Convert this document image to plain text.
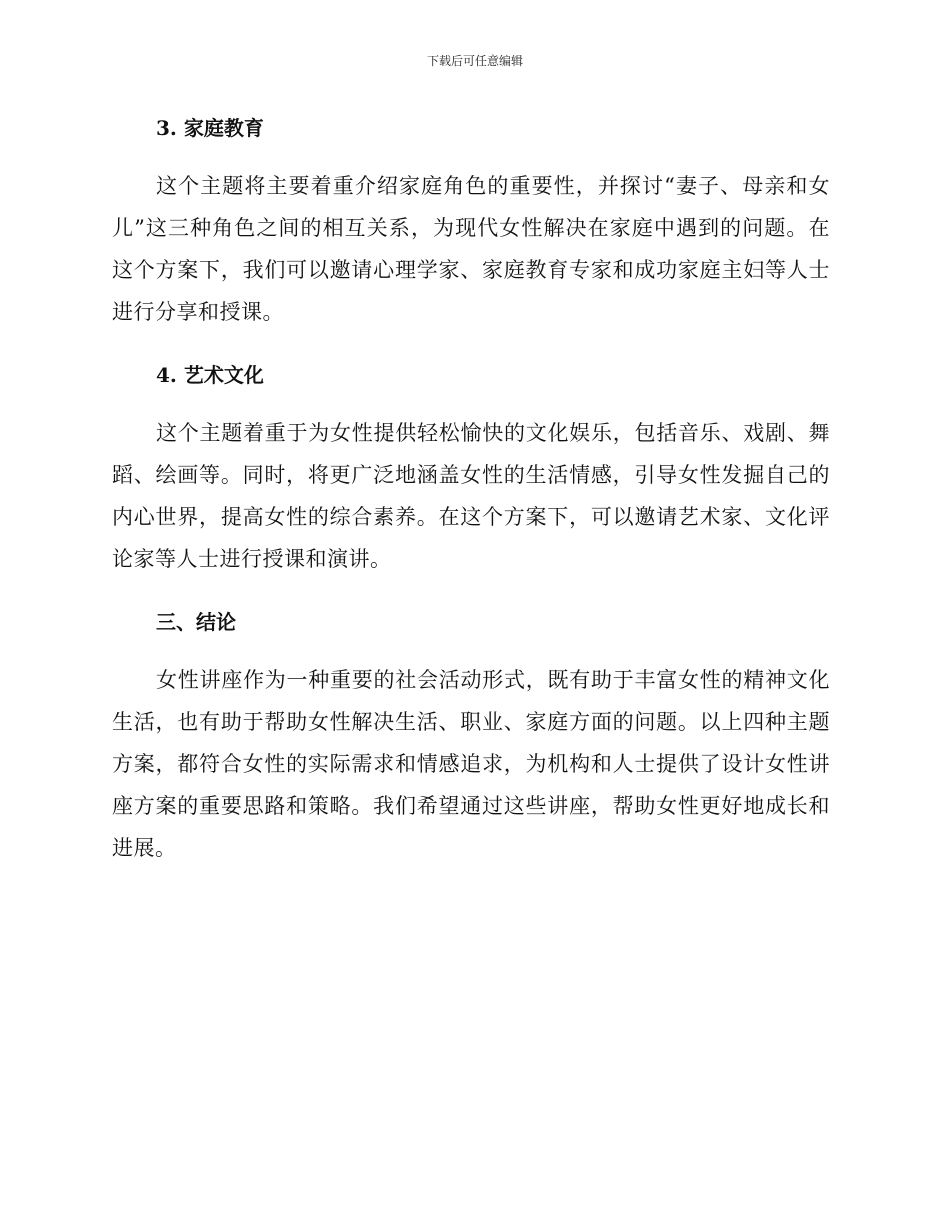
下载后可任意编辑
3. 家庭教育

这个主题将主要着重介绍家庭角色的重要性，并探讨“妻子、母亲和女儿”这三种角色之间的相互关系，为现代女性解决在家庭中遇到的问题。在这个方案下，我们可以邀请心理学家、家庭教育专家和成功家庭主妇等人士进行分享和授课。

4. 艺术文化

这个主题着重于为女性提供轻松愉快的文化娱乐，包括音乐、戏剧、舞蹈、绘画等。同时，将更广泛地涵盖女性的生活情感，引导女性发掘自己的内心世界，提高女性的综合素养。在这个方案下，可以邀请艺术家、文化评论家等人士进行授课和演讲。

三、结论

女性讲座作为一种重要的社会活动形式，既有助于丰富女性的精神文化生活，也有助于帮助女性解决生活、职业、家庭方面的问题。以上四种主题方案，都符合女性的实际需求和情感追求，为机构和人士提供了设计女性讲座方案的重要思路和策略。我们希望通过这些讲座，帮助女性更好地成长和进展。
